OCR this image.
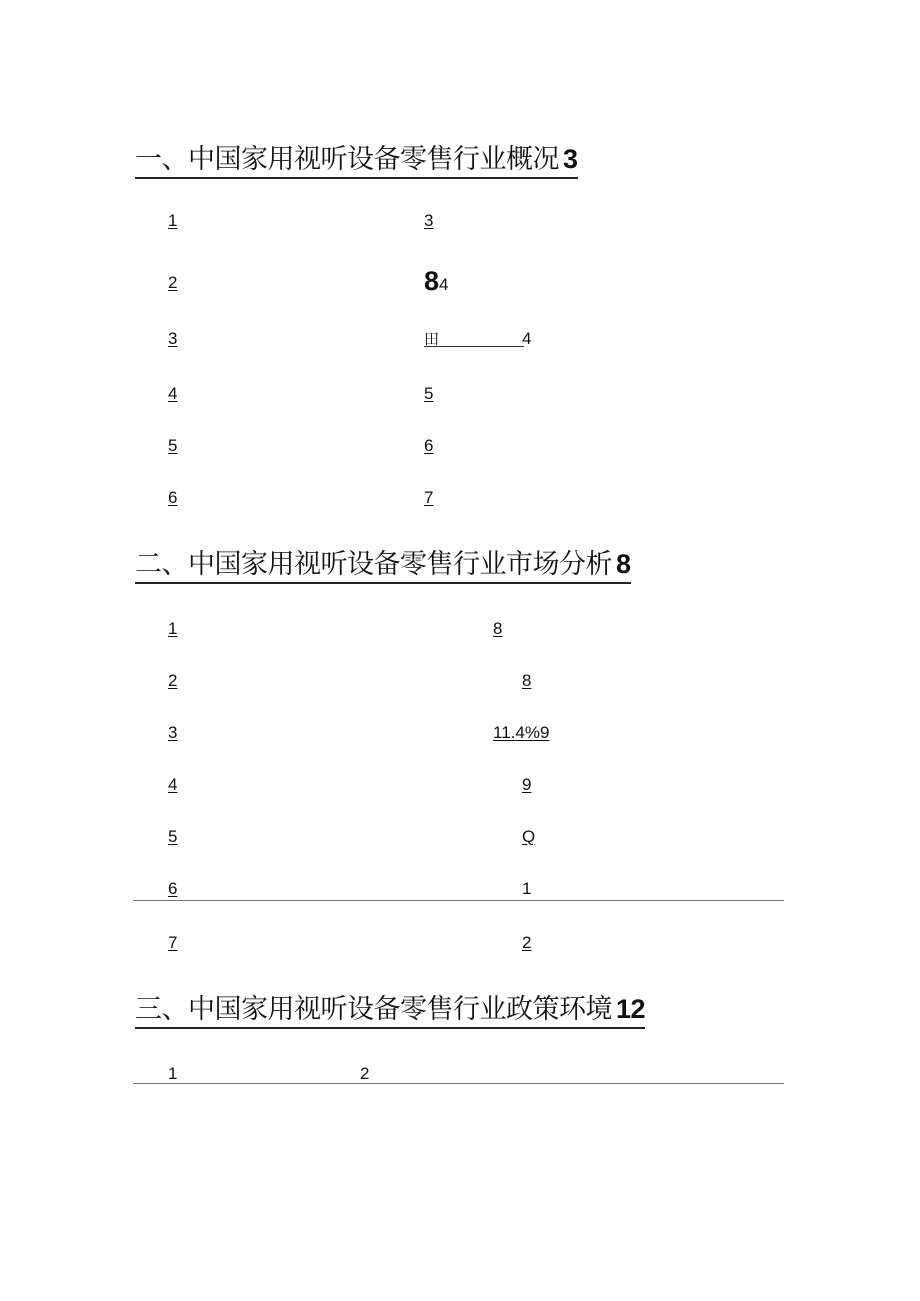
一、中国家用视听设备零售行业概况 3
1	3
2	84
3	田	4
4	5
5	6
6	7
二、中国家用视听设备零售行业市场分析 8
1	8
2	8
3	11.4%9
4	9
5	Q
6	1
7	2
三、中国家用视听设备零售行业政策环境 12
1	2
